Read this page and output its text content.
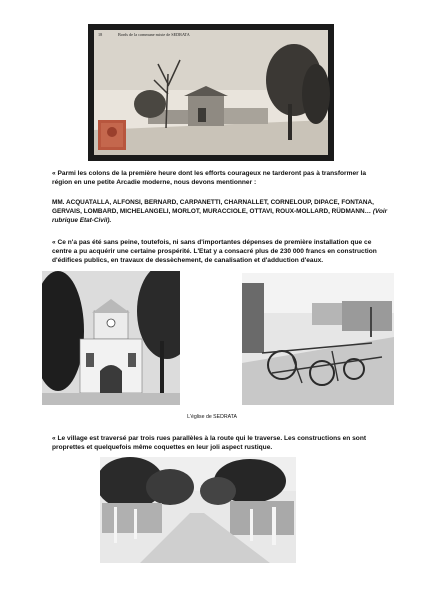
Bords de la commune mixte de SEDRATA
18
« Parmi les colons de la première heure dont les efforts courageux ne tarderont pas à transformer la région en une petite Arcadie moderne, nous devons mentionner :
MM. ACQUATALLA, ALFONSI, BERNARD, CARPANETTI, CHARNALLET, CORNELOUP, DIPACE, FONTANA, GERVAIS, LOMBARD, MICHELANGELI, MORLOT, MURACCIOLE, OTTAVI, ROUX-MOLLARD, RÜDMANN… (Voir rubrique Etat-Civil).
« Ce n'a pas été sans peine, toutefois, ni sans d'importantes dépenses de première installation que ce centre a pu acquérir une certaine prospérité. L'Etat y a consacré plus de 230 000 francs en construction d'édifices publics, en travaux de dessèchement, de canalisation et d'adduction d'eaux.
L'église de SEDRATA
« Le village est traversé par trois rues parallèles à la route qui le traverse. Les constructions en sont proprettes et quelquefois même coquettes en leur joli aspect rustique.
